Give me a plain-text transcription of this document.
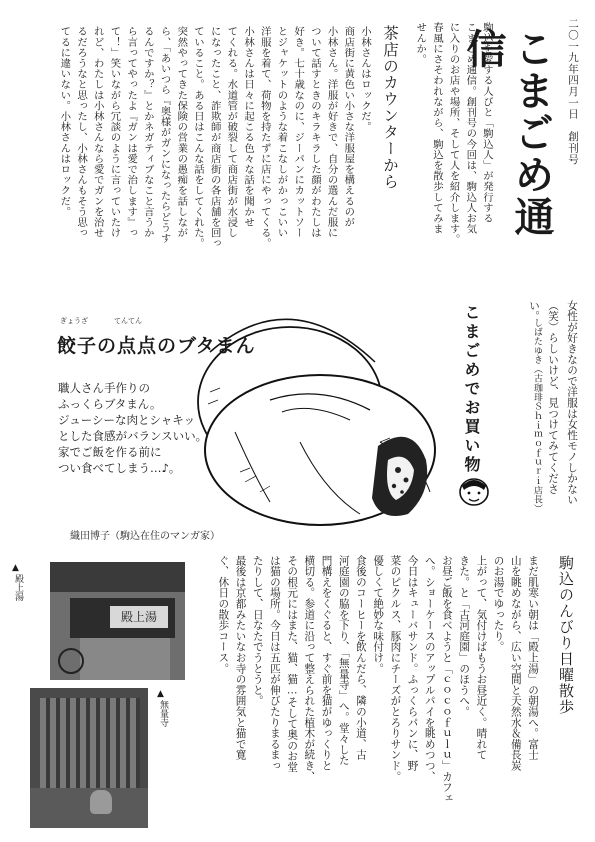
二〇一九年四月一日　創刊号
こまごめ通信
駒込を愛する人びと「駒込人」が発行する
こまごめ通信。創刊号の今回は、駒込人お気
に入りのお店や場所、そして人を紹介します。
春風にさそわれながら、駒込を散歩してみま
せんか。
茶店のカウンターから
小林さんはロックだ。
商店街に黄色い小さな洋服屋を構えるのが
小林さん。洋服が好きで、自分の選んだ服に
ついて話すときのキラキラした顔がわたしは
好き。七十歳なのに、ジーパンにカットソー
とジャケットのような着こなしがかっこいい
洋服を着て、荷物を持たずに店にやってくる。
小林さんは日々に起こる色々な話を聞かせ
てくれる。水道管が破裂して商店街が水浸し
になったこと、詐欺師が商店街の各店舗を回っ
ていること。ある日はこんな話をしてくれた。
突然やってきた保険の営業の愚痴を話しなが
ら、「あいつら『奥様がガンになったらどうす
るんですか？』とかネガティブなこと言うか
ら言ってやったよ『ガンは愛で治します』っ
て！」笑いながら冗談のように言っていたけ
れど、わたしは小林さんなら愛でガンを治せ
るだろうなと思ったし、小林さんもそう思っ
てるに違いない。小林さんはロックだ。
こまごめでお買い物	女性が好きなので洋服は女性モノしかない
（笑）らしいけど、見つけてみてください。
しばたゆき（古珈琲Ｓｈｉｍｏｆｕｒｉ店長）
餃子の点点のブタまん
ぎょうざ	てんてん
職人さん手作りの
ふっくらブタまん。
ジューシーな肉とシャキッ
とした食感がバランスいい。
家でご飯を作る前に
つい食べてしまう…♪。
織田博子（駒込在住のマンガ家）
▲
殿上湯
殿上湯
▲
無量寺	駒込のんびり日曜散歩
まだ肌寒い朝は「殿上湯」の朝湯へ。富士
山を眺めながら、広い空間と天然水＆備長炭
のお湯でゆったり。
上がって、気付けばもうお昼近く。晴れて
きた。と「古河庭園」のほうへ。
お昼ご飯を食べようと「ｃｏｃｏｆｕｌｕ」カフェ
へ。ショーケースのアップルパイを眺めつつ、
今日はキューバサンド。ふっくらパンに、野
菜のピクルス、豚肉にチーズがとろりサンド。
優しくて絶妙な味付け。
食後のコーヒーを飲んだら、隣の小道、古
河庭園の脇を下り、「無量寺」へ。堂々した
門構えをくぐると、すぐ前を猫がゆっくりと
横切る。参道に沿って整えられた植木が続き、
その根元にはまた、猫、猫…そして奥のお堂
は猫の場所。今日は五匹が伸びたりまるまっ
たりして、日なたでうとうと。
最後は京都みたいなお寺の雰囲気と猫で寛
ぐ、休日の散歩コース。
